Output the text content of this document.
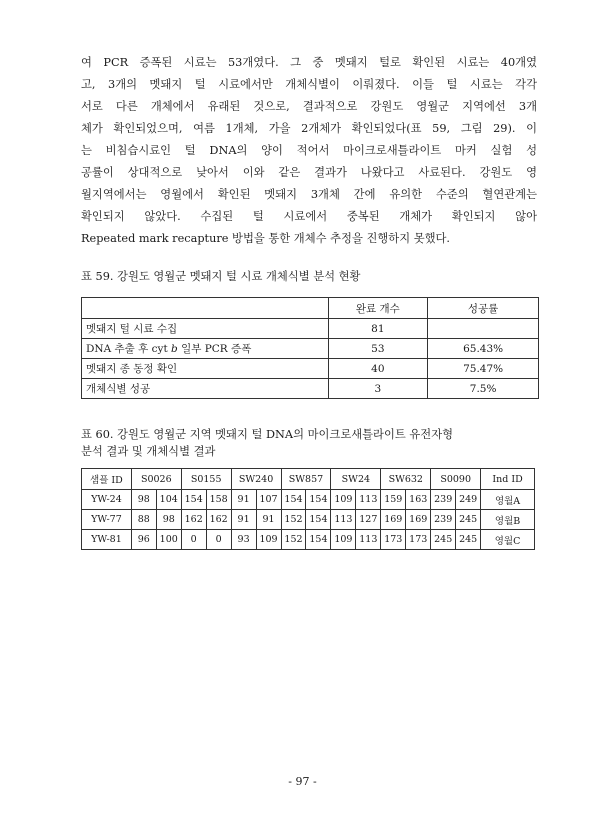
여 PCR 증폭된 시료는 53개였다. 그 중 멧돼지 털로 확인된 시료는 40개였
고, 3개의 멧돼지 털 시료에서만 개체식별이 이뤄졌다. 이들 털 시료는 각각
서로 다른 개체에서 유래된 것으로, 결과적으로 강원도 영월군 지역에선 3개
체가 확인되었으며, 여름 1개체, 가을 2개체가 확인되었다(표 59, 그림 29). 이
는 비침습시료인 털 DNA의 양이 적어서 마이크로새틀라이트 마커 실험 성
공률이 상대적으로 낮아서 이와 같은 결과가 나왔다고 사료된다. 강원도 영
월지역에서는 영월에서 확인된 멧돼지 3개체 간에 유의한 수준의 혈연관계는
확인되지 않았다. 수집된 털 시료에서 중복된 개체가 확인되지 않아
Repeated mark recapture 방법을 통한 개체수 추정을 진행하지 못했다.

표 59. 강원도 영월군 멧돼지 털 시료 개체식별 분석 현황

	완료 개수	성공률
멧돼지 털 시료 수집	81	
DNA 추출 후 cyt b 일부 PCR 증폭	53	65.43%
멧돼지 종 동정 확인	40	75.47%
개체식별 성공	3	7.5%

표 60. 강원도 영월군 지역 멧돼지 털 DNA의 마이크로새틀라이트 유전자형

분석 결과 및 개체식별 결과

샘플 ID	S0026		S0155		SW240		SW857		SW24		SW632		S0090		Ind ID
YW-24	98	104	154	158	91	107	154	154	109	113	159	163	239	249	영월A
YW-77	88	98	162	162	91	91	152	154	113	127	169	169	239	245	영월B
YW-81	96	100	0	0	93	109	152	154	109	113	173	173	245	245	영월C

- 97 -
